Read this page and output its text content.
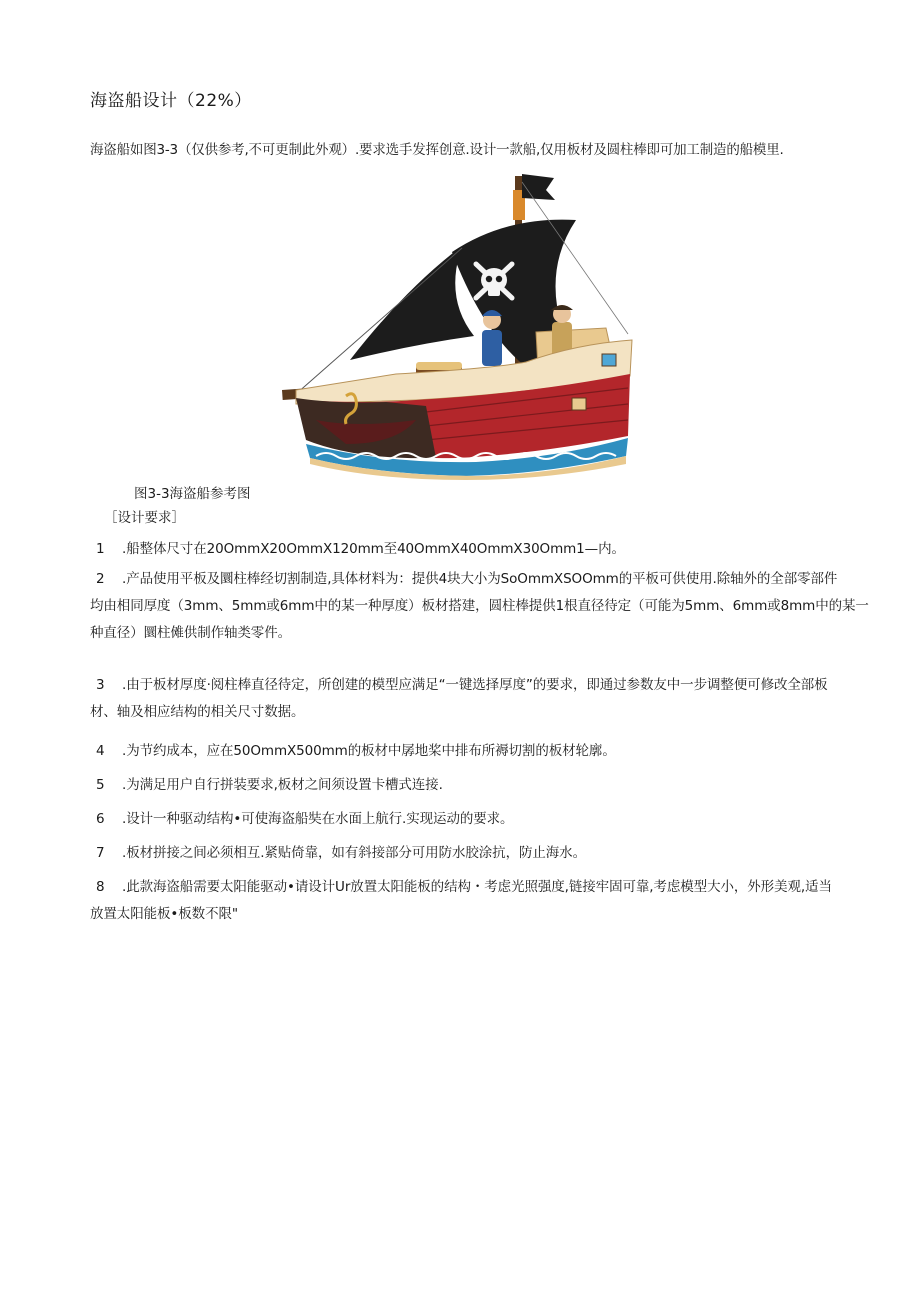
海盗船设计（22%）
海盗船如图3-3（仅供参考,不可更制此外观）.要求选手发挥创意.设计一款船,仅用板材及圆柱棒即可加工制造的船模里.
图3-3海盗船参考图
［设计要求］
1 .船整体尺寸在20OmmX20OmmX120mm至40OmmX40OmmX30Omm1—内。
2 .产品使用平板及圜柱棒经切割制造,具体材料为：提供4块大小为SoOmmXSOOmm的平板可供使用.除轴外的全部零部件
均由相同厚度（3mm、5mm或6mm中的某一种厚度）板材搭建，圆柱棒提供1根直径待定（可能为5mm、6mm或8mm中的某一
种直径）圜柱傩供制作轴类零件。
3 .由于板材厚度·阅柱棒直径待定，所创建的模型应满足“一键选择厚度”的要求，即通过参数友中一步调整便可修改全部板
材、轴及相应结构的相关尺寸数据。
4 .为节约成本，应在50OmmX500mm的板材中孱地桨中排布所褥切割的板材轮廓。
5 .为满足用户自行拼装要求,板材之间须设置卡槽式连接.
6 .设计一种驱动结构•可使海盗船奘在水面上航行.实现运动的要求。
7 .板材拼接之间必须相互.紧贴倚靠，如有斜接部分可用防水胶涂抗，防止海水。
8 .此款海盗船需要太阳能驱动•请设计Ur放置太阳能板的结构・考虑光照强度,链接牢固可靠,考虑模型大小，外形美观,适当
放置太阳能板•板数不限"
